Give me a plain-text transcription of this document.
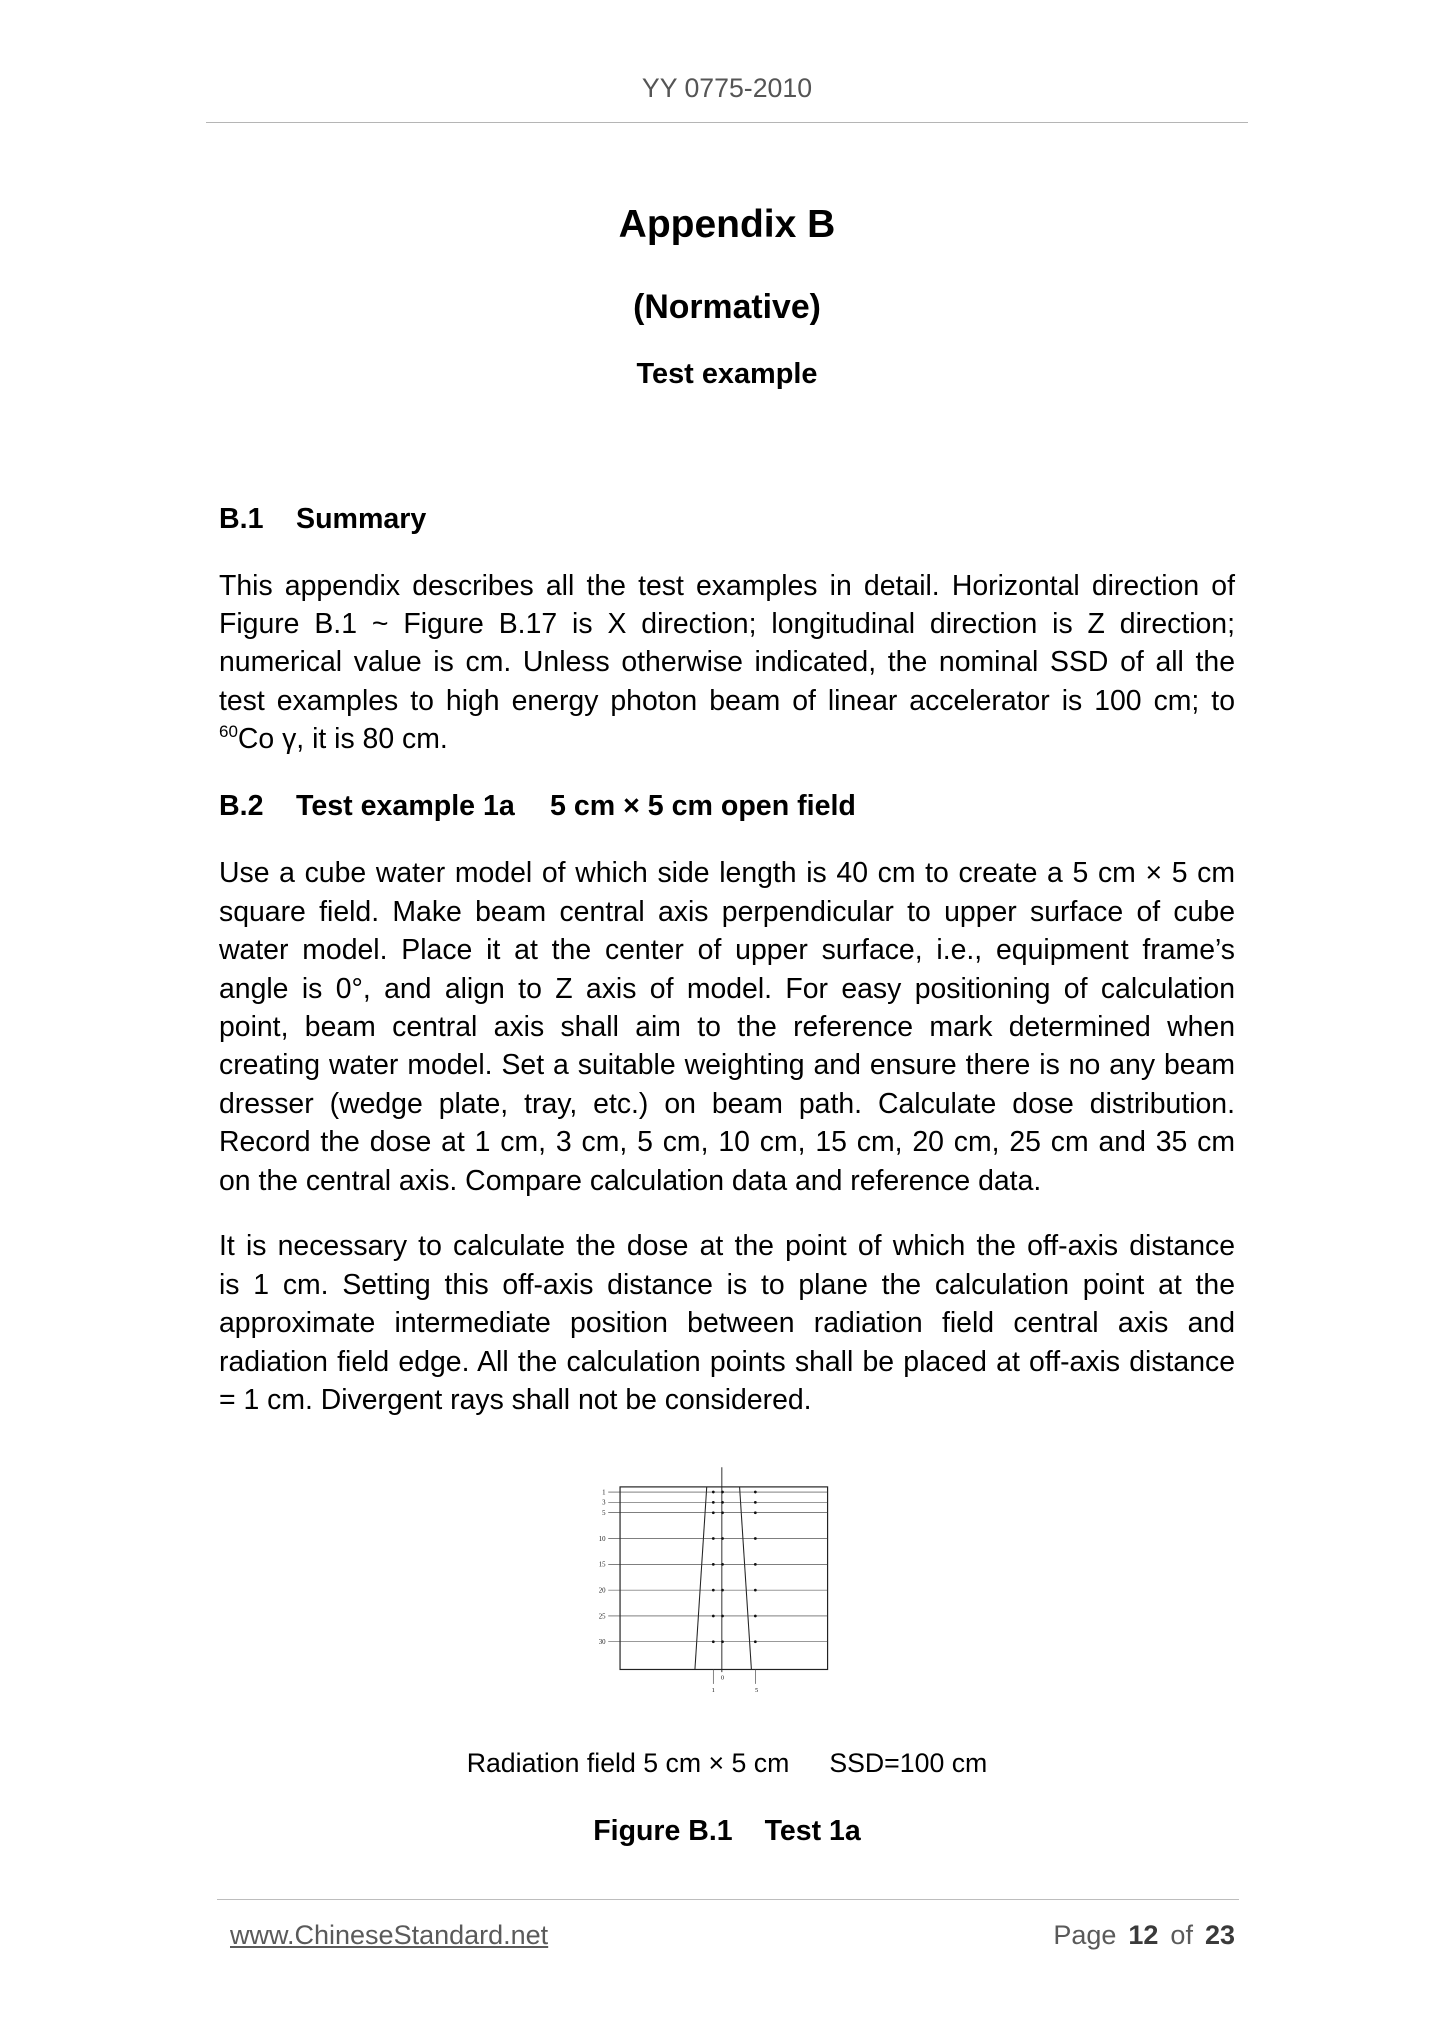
YY 0775-2010
Appendix B
(Normative)
Test example
B.1 Summary
This appendix describes all the test examples in detail. Horizontal direction of
Figure B.1 ~ Figure B.17 is X direction; longitudinal direction is Z direction;
numerical value is cm. Unless otherwise indicated, the nominal SSD of all the
test examples to high energy photon beam of linear accelerator is 100 cm; to
$^{60}$Co γ, it is 80 cm.
B.2 Test example 1a 5 cm × 5 cm open field
Use a cube water model of which side length is 40 cm to create a 5 cm × 5 cm
square field. Make beam central axis perpendicular to upper surface of cube
water model. Place it at the center of upper surface, i.e., equipment frame’s
angle is 0°, and align to Z axis of model. For easy positioning of calculation
point, beam central axis shall aim to the reference mark determined when
creating water model. Set a suitable weighting and ensure there is no any beam
dresser (wedge plate, tray, etc.) on beam path. Calculate dose distribution.
Record the dose at 1 cm, 3 cm, 5 cm, 10 cm, 15 cm, 20 cm, 25 cm and 35 cm
on the central axis. Compare calculation data and reference data.
It is necessary to calculate the dose at the point of which the off-axis distance
is 1 cm. Setting this off-axis distance is to plane the calculation point at the
approximate intermediate position between radiation field central axis and
radiation field edge. All the calculation points shall be placed at off-axis distance
= 1 cm. Divergent rays shall not be considered.
1
3
5
10
15
20
25
30
0
1	5
Radiation field 5 cm × 5 cm SSD=100 cm
Figure B.1 Test 1a
www.ChineseStandard.net	Page 12 of 23
